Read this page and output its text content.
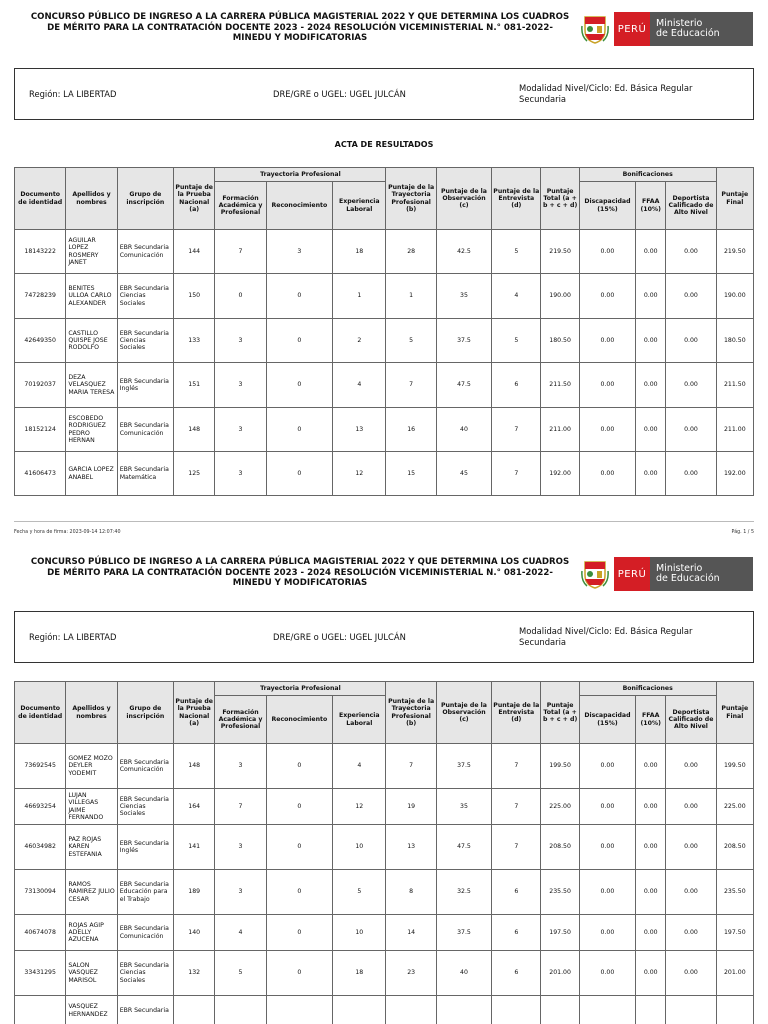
CONCURSO PÚBLICO DE INGRESO A LA CARRERA PÚBLICA MAGISTERIAL 2022 Y QUE DETERMINA LOS CUADROS DE MÉRITO PARA LA CONTRATACIÓN DOCENTE 2023 - 2024 RESOLUCIÓN VICEMINISTERIAL N.° 081-2022-MINEDU Y MODIFICATORIAS
PERÚ	Ministerio
de Educación
Región: LA LIBERTAD	DRE/GRE o UGEL: UGEL JULCÁN
Modalidad Nivel/Ciclo: Ed. Básica Regular Secundaria
ACTA DE RESULTADOS
Documento de identidad	Apellidos y nombres	Grupo de inscripción	Puntaje de la Prueba Nacional (a)	Trayectoria Profesional			Puntaje de la Trayectoria Profesional (b)	Puntaje de la Observación (c)	Puntaje de la Entrevista (d)	Puntaje Total (a + b + c + d)	Bonificaciones			Puntaje Final
				Formación Académica y Profesional	Reconocimiento	Experiencia Laboral					Discapacidad (15%)	FFAA (10%)	Deportista Calificado de Alto Nivel	
18143222	AGUILAR LOPEZ ROSMERY JANET	EBR Secundaria Comunicación	144	7	3	18	28	42.5	5	219.50	0.00	0.00	0.00	219.50
74728239	BENITES ULLOA CARLO ALEXANDER	EBR Secundaria Ciencias Sociales	150	0	0	1	1	35	4	190.00	0.00	0.00	0.00	190.00
42649350	CASTILLO QUISPE JOSE RODOLFO	EBR Secundaria Ciencias Sociales	133	3	0	2	5	37.5	5	180.50	0.00	0.00	0.00	180.50
70192037	DEZA VELASQUEZ MARIA TERESA	EBR Secundaria Inglés	151	3	0	4	7	47.5	6	211.50	0.00	0.00	0.00	211.50
18152124	ESCOBEDO RODRIGUEZ PEDRO HERNAN	EBR Secundaria Comunicación	148	3	0	13	16	40	7	211.00	0.00	0.00	0.00	211.00
41606473	GARCIA LOPEZ ANABEL	EBR Secundaria Matemática	125	3	0	12	15	45	7	192.00	0.00	0.00	0.00	192.00
Fecha y hora de firma: 2023-09-14 12:07:40	Pág. 1 / 5
CONCURSO PÚBLICO DE INGRESO A LA CARRERA PÚBLICA MAGISTERIAL 2022 Y QUE DETERMINA LOS CUADROS DE MÉRITO PARA LA CONTRATACIÓN DOCENTE 2023 - 2024 RESOLUCIÓN VICEMINISTERIAL N.° 081-2022-MINEDU Y MODIFICATORIAS
PERÚ	Ministerio
de Educación
Región: LA LIBERTAD	DRE/GRE o UGEL: UGEL JULCÁN
Modalidad Nivel/Ciclo: Ed. Básica Regular Secundaria
Documento de identidad	Apellidos y nombres	Grupo de inscripción	Puntaje de la Prueba Nacional (a)	Trayectoria Profesional			Puntaje de la Trayectoria Profesional (b)	Puntaje de la Observación (c)	Puntaje de la Entrevista (d)	Puntaje Total (a + b + c + d)	Bonificaciones			Puntaje Final
				Formación Académica y Profesional	Reconocimiento	Experiencia Laboral					Discapacidad (15%)	FFAA (10%)	Deportista Calificado de Alto Nivel	
73692545	GOMEZ MOZO DEYLER YODEMIT	EBR Secundaria Comunicación	148	3	0	4	7	37.5	7	199.50	0.00	0.00	0.00	199.50
46693254	LUJAN VILLEGAS JAIME FERNANDO	EBR Secundaria Ciencias Sociales	164	7	0	12	19	35	7	225.00	0.00	0.00	0.00	225.00
46034982	PAZ ROJAS KAREN ESTEFANIA	EBR Secundaria Inglés	141	3	0	10	13	47.5	7	208.50	0.00	0.00	0.00	208.50
73130094	RAMOS RAMIREZ JULIO CESAR	EBR Secundaria Educación para el Trabajo	189	3	0	5	8	32.5	6	235.50	0.00	0.00	0.00	235.50
40674078	ROJAS AGIP ADELLY AZUCENA	EBR Secundaria Comunicación	140	4	0	10	14	37.5	6	197.50	0.00	0.00	0.00	197.50
33431295	SALON VASQUEZ MARISOL	EBR Secundaria Ciencias Sociales	132	5	0	18	23	40	6	201.00	0.00	0.00	0.00	201.00
	VASQUEZ HERNANDEZ	EBR Secundaria												
